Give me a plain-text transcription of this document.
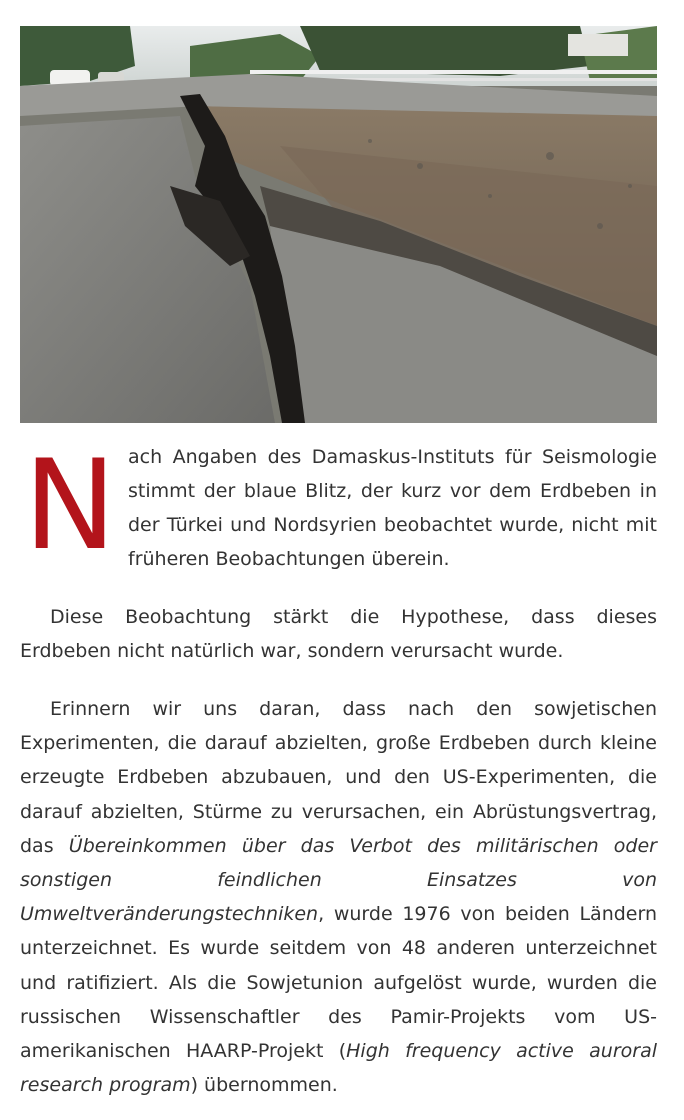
N ach Angaben des Damaskus-Instituts für Seismologie stimmt der blaue Blitz, der kurz vor dem Erdbeben in der Türkei und Nordsyrien beobachtet wurde, nicht mit früheren Beobachtungen überein.

Diese Beobachtung stärkt die Hypothese, dass dieses Erdbeben nicht natürlich war, sondern verursacht wurde.

Erinnern wir uns daran, dass nach den sowjetischen Experimenten, die darauf abzielten, große Erdbeben durch kleine erzeugte Erdbeben abzubauen, und den US-Experimenten, die darauf abzielten, Stürme zu verursachen, ein Abrüstungsvertrag, das Übereinkommen über das Verbot des militärischen oder sonstigen feindlichen Einsatzes von Umweltveränderungstechniken, wurde 1976 von beiden Ländern unterzeichnet. Es wurde seitdem von 48 anderen unterzeichnet und ratifiziert. Als die Sowjetunion aufgelöst wurde, wurden die russischen Wissenschaftler des Pamir-Projekts vom US-amerikanischen HAARP-Projekt (High frequency active auroral research program) übernommen.
